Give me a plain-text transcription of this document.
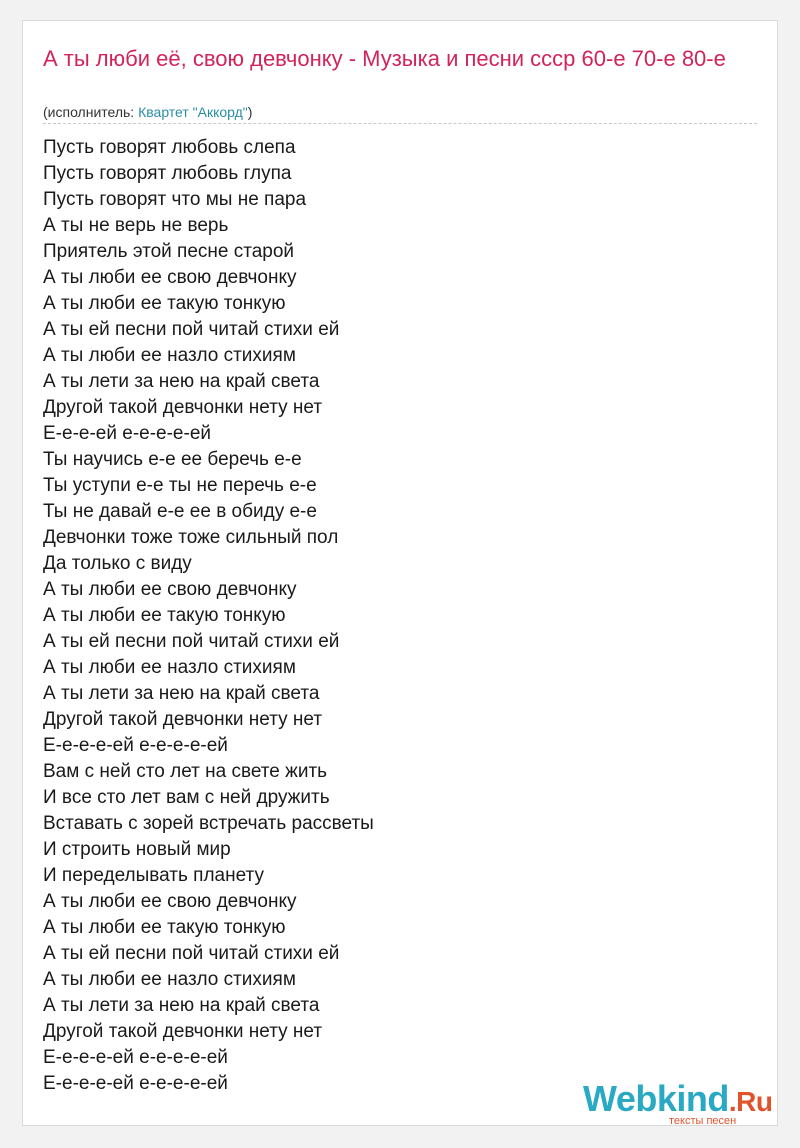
А ты люби её, свою девчонку - Музыка и песни ссср 60-е 70-е 80-е
(исполнитель: Квартет "Аккорд")
Пусть говорят любовь слепа
Пусть говорят любовь глупа
Пусть говорят что мы не пара
А ты не верь не верь
Приятель этой песне старой
А ты люби ее свою девчонку
А ты люби ее такую тонкую
А ты ей песни пой читай стихи ей
А ты люби ее назло стихиям
А ты лети за нею на край света
Другой такой девчонки нету нет
Е-е-е-ей е-е-е-е-ей
Ты научись е-е ее беречь е-е
Ты уступи е-е ты не перечь е-е
Ты не давай е-е ее в обиду е-е
Девчонки тоже тоже сильный пол
Да только с виду
А ты люби ее свою девчонку
А ты люби ее такую тонкую
А ты ей песни пой читай стихи ей
А ты люби ее назло стихиям
А ты лети за нею на край света
Другой такой девчонки нету нет
Е-е-е-е-ей е-е-е-е-ей
Вам с ней сто лет на свете жить
И все сто лет вам с ней дружить
Вставать с зорей встречать рассветы
И строить новый мир
И переделывать планету
А ты люби ее свою девчонку
А ты люби ее такую тонкую
А ты ей песни пой читай стихи ей
А ты люби ее назло стихиям
А ты лети за нею на край света
Другой такой девчонки нету нет
Е-е-е-е-ей е-е-е-е-ей
Е-е-е-е-ей е-е-е-е-ей	Webkind.Ru
тексты песен
